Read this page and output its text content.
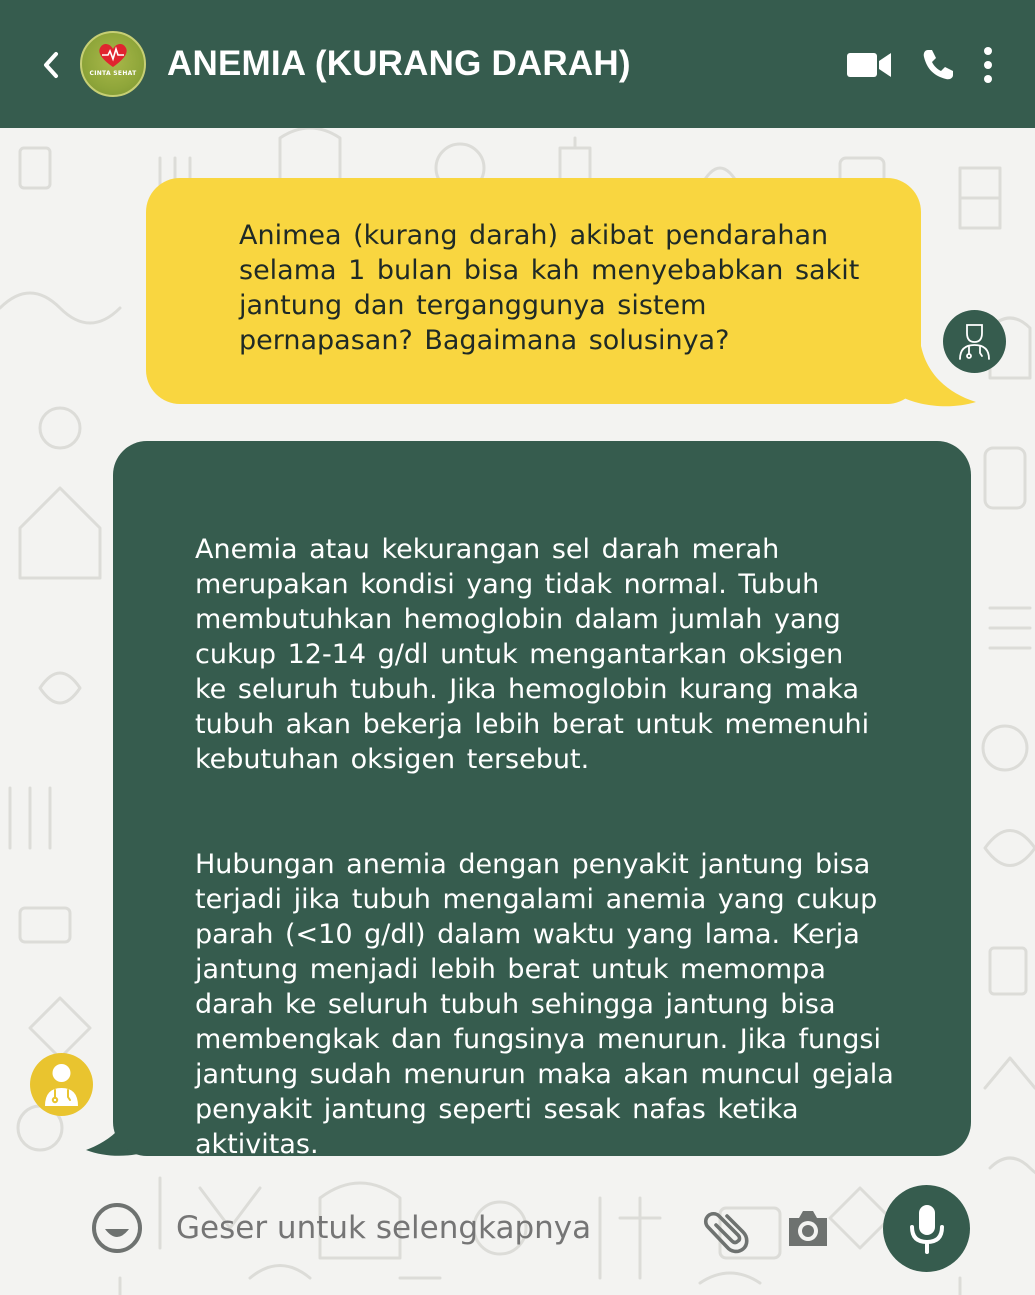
CINTA SEHAT ANEMIA (KURANG DARAH)
Animea (kurang darah) akibat pendarahan
selama 1 bulan bisa kah menyebabkan sakit
jantung dan terganggunya sistem
pernapasan? Bagaimana solusinya?

Anemia atau kekurangan sel darah merah
merupakan kondisi yang tidak normal. Tubuh
membutuhkan hemoglobin dalam jumlah yang
cukup 12-14 g/dl untuk mengantarkan oksigen
ke seluruh tubuh. Jika hemoglobin kurang maka
tubuh akan bekerja lebih berat untuk memenuhi
kebutuhan oksigen tersebut.

Hubungan anemia dengan penyakit jantung bisa
terjadi jika tubuh mengalami anemia yang cukup
parah (<10 g/dl) dalam waktu yang lama. Kerja
jantung menjadi lebih berat untuk memompa
darah ke seluruh tubuh sehingga jantung bisa
membengkak dan fungsinya menurun. Jika fungsi
jantung sudah menurun maka akan muncul gejala
penyakit jantung seperti sesak nafas ketika
aktivitas.

Geser untuk selengkapnya
